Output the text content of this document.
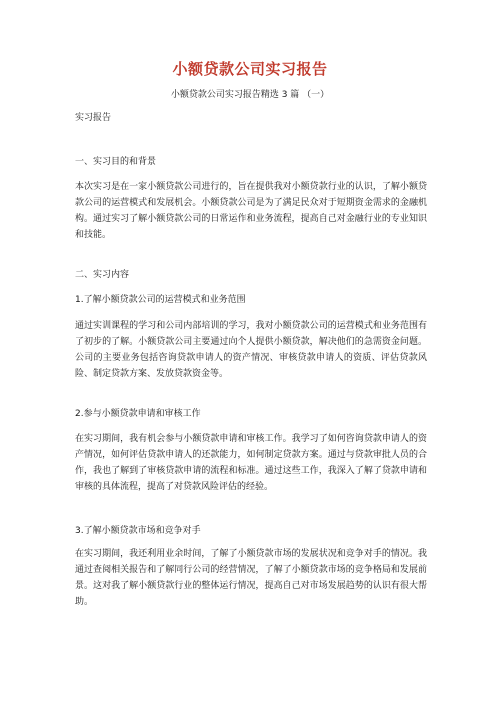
小额贷款公司实习报告
小额贷款公司实习报告精选 3 篇 （一）

实习报告

一、实习目的和背景

本次实习是在一家小额贷款公司进行的，旨在提供我对小额贷款行业的认识，了解小额贷款公司的运营模式和发展机会。小额贷款公司是为了满足民众对于短期资金需求的金融机构。通过实习了解小额贷款公司的日常运作和业务流程，提高自己对金融行业的专业知识和技能。

二、实习内容

1.了解小额贷款公司的运营模式和业务范围

通过实训课程的学习和公司内部培训的学习，我对小额贷款公司的运营模式和业务范围有了初步的了解。小额贷款公司主要通过向个人提供小额贷款，解决他们的急需资金问题。公司的主要业务包括咨询贷款申请人的资产情况、审核贷款申请人的资质、评估贷款风险、制定贷款方案、发放贷款资金等。

2.参与小额贷款申请和审核工作

在实习期间，我有机会参与小额贷款申请和审核工作。我学习了如何咨询贷款申请人的资产情况，如何评估贷款申请人的还款能力，如何制定贷款方案。通过与贷款审批人员的合作，我也了解到了审核贷款申请的流程和标准。通过这些工作，我深入了解了贷款申请和审核的具体流程，提高了对贷款风险评估的经验。

3.了解小额贷款市场和竞争对手

在实习期间，我还利用业余时间，了解了小额贷款市场的发展状况和竞争对手的情况。我通过查阅相关报告和了解同行公司的经营情况，了解了小额贷款市场的竞争格局和发展前景。这对我了解小额贷款行业的整体运行情况，提高自己对市场发展趋势的认识有很大帮助。
